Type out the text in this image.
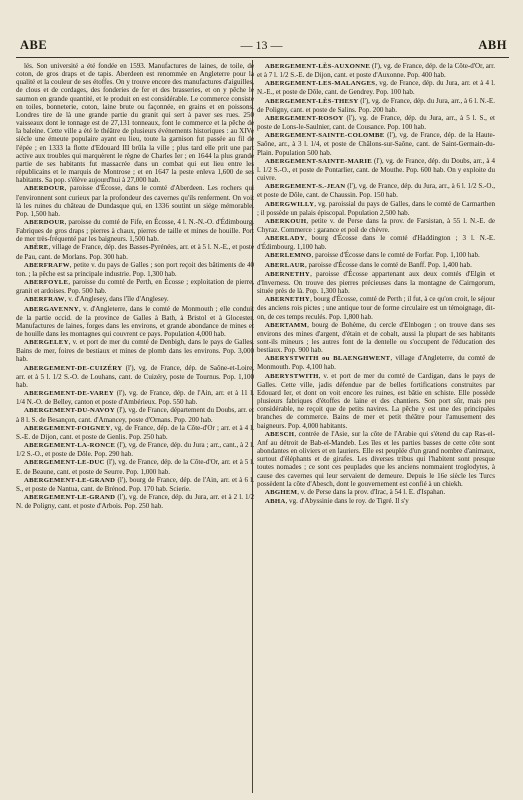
ABE	— 13 —	ABH

lés. Son université a été fondée en 1593. Manufactures de laines, de toile, de coton, de gros draps et de tapis. Aberdeen est renommée en Angleterre pour la qualité et la couleur de ses étoffes. On y trouve encore des manufactures d'aiguilles, de clous et de cordages, des fonderies de fer et des brasseries, et on y pêche le saumon en grande quantité, et le produit en est considérable. Le commerce consiste en toiles, bonneterie, coton, laine brute ou façonnée, en grains et en poissons. Londres tire de là une grande partie du granit qui sert à paver ses rues. 250 vaisseaux dont le tonnage est de 27,131 tonneaux, font le commerce et la pêche de la baleine. Cette ville a été le théâtre de plusieurs événements historiques : au XIVe siècle une émeute populaire ayant eu lieu, toute la garnison fut passée au fil de l'épée ; en 1333 la flotte d'Edouard III brûla la ville ; plus tard elle prit une part active aux troubles qui marquèrent le règne de Charles Ier ; en 1644 la plus grande partie de ses habitants fut massacrée dans un combat qui eut lieu entre les républicains et le marquis de Montrose ; et en 1647 la peste enleva 1,600 de ses habitants. Sa pop. s'élève aujourd'hui à 27,000 hab.

ABERDOUR, paroisse d'Écosse, dans le comté d'Aberdeen. Les rochers qui l'environnent sont curieux par la profondeur des cavernes qu'ils renferment. On voit là les ruines du château de Dundasque qui, en 1336 soutint un siége mémorable. Pop. 1,500 hab.

ABERDOUR, paroisse du comté de Fife, en Écosse, 4 l. N.-N.-O. d'Édimbourg. Fabriques de gros draps ; pierres à chaux, pierres de taille et mines de houille. Port de mer très-fréquenté par les baigneurs. 1,500 hab.

ABÈRE, village de France, dép. des Basses-Pyrénées, arr. et à 5 l. N.-E., et poste de Pau, cant. de Morlans. Pop. 300 hab.

ABERFRAFW, petite v. du pays de Galles ; son port reçoit des bâtiments de 40 ton. ; la pêche est sa principale industrie. Pop. 1,300 hab.

ABERFOYLE, paroisse du comté de Perth, en Écosse ; exploitation de pierre, granit et ardoises. Pop. 500 hab.

ABERFRAW, v. d'Anglesey, dans l'île d'Anglesey.

ABERGAVENNY, v. d'Angleterre, dans le comté de Monmouth ; elle conduit de la partie occid. de la province de Galles à Bath, à Bristol et à Glocester. Manufactures de laines, forges dans les environs, et grande abondance de mines et de houille dans les montagnes qui couvrent ce pays. Population 4,000 hab.

ABERGELEY, v. et port de mer du comté de Denbigh, dans le pays de Galles. Bains de mer, foires de bestiaux et mines de plomb dans les environs. Pop. 3,000 hab.

ABERGEMENT-DE-CUIZÉRY (l'), vg. de France, dép. de Saône-et-Loire, arr. et à 5 l. 1/2 S.-O. de Louhans, cant. de Cuizéry, poste de Tournus. Pop. 1,100 hab.

ABERGEMENT-DE-VAREY (l'), vg. de France, dép. de l'Ain, arr. et à 11 l. 1/4 N.-O. de Belley, canton et poste d'Ambérieux. Pop. 550 hab.

ABERGEMENT-DU-NAVOY (l'), vg. de France, département du Doubs, arr. et à 8 l. S. de Besançon, cant. d'Amancey, poste d'Ornans. Pop. 200 hab.

ABERGEMENT-FOIGNEY, vg. de France, dép. de la Côte-d'Or ; arr. et à 4 l. S.-E. de Dijon, cant. et poste de Genlis. Pop. 250 hab.

ABERGEMENT-LA-RONCE (l'), vg. de France, dép. du Jura ; arr., cant., à 2 l. 1/2 S.-O., et poste de Dôle. Pop. 290 hab.

ABERGEMENT-LE-DUC (l'), vg. de France, dép. de la Côte-d'Or, arr. et à 5 l. E. de Beaune, cant. et poste de Seurre. Pop. 1,000 hab.

ABERGEMENT-LE-GRAND (l'), bourg de France, dép. de l'Ain, arr. et à 6 l. S., et poste de Nantua, cant. de Brénod. Pop. 170 hab. Scierie.

ABERGEMENT-LE-GRAND (l'), vg. de France, dép. du Jura, arr. et à 2 l. 1/2 N. de Poligny, cant. et poste d'Arbois. Pop. 250 hab.

ABERGEMENT-LÈS-AUXONNE (l'), vg. de France, dép. de la Côte-d'Or, arr. et à 7 l. 1/2 S.-E. de Dijon, cant. et poste d'Auxonne. Pop. 400 hab.

ABERGEMENT-LES-MALANGES, vg. de France, dép. du Jura, arr. et à 4 l. N.-E., et poste de Dôle, cant. de Gendrey. Pop. 100 hab.

ABERGEMENT-LÈS-THESY (l'), vg. de France, dép. du Jura, arr., à 6 l. N.-E. de Poligny, cant. et poste de Salins. Pop. 200 hab.

ABERGEMENT-ROSOY (l'), vg. de France, dép. du Jura, arr., à 5 l. S., et poste de Lons-le-Saulnier, cant. de Cousance. Pop. 100 hab.

ABERGEMENT-SAINTE-COLOMBE (l'), vg. de France, dép. de la Haute-Saône, arr., à 3 l. 1/4, et poste de Châlons-sur-Saône, cant. de Saint-Germain-du-Plain. Population 500 hab.

ABERGEMENT-SAINTE-MARIE (l'), vg. de France, dép. du Doubs, arr., à 4 l. 1/2 S.-O., et poste de Pontarlier, cant. de Mouthe. Pop. 600 hab. On y exploite du cuivre.

ABERGEMENT-S.-JEAN (l'), vg. de France, dép. du Jura, arr., à 6 l. 1/2 S.-O., et poste de Dôle, cant. de Chaussin. Pop. 150 hab.

ABERGWILLY, vg. paroissial du pays de Galles, dans le comté de Carmarthen ; il possède un palais épiscopal. Population 2,500 hab.

ABERKOUH, petite v. de Perse dans la prov. de Farsistan, à 55 l. N.-E. de Chyraz. Commerce : garance et poil de chèvre.

ABERLADY, bourg d'Écosse dans le comté d'Haddington ; 3 l. N.-E. d'Édimbourg. 1,100 hab.

ABERLEMNO, paroisse d'Écosse dans le comté de Forfar. Pop. 1,100 hab.

ABERLAUR, paroisse d'Écosse dans le comté de Banff. Pop. 1,400 hab.

ABERNETHY, paroisse d'Écosse appartenant aux deux comtés d'Elgin et d'Inverness. On trouve des pierres précieuses dans la montagne de Cairngorum, située près de là. Pop. 1,300 hab.

ABERNETHY, bourg d'Écosse, comté de Perth ; il fut, à ce qu'on croit, le séjour des anciens rois pictes ; une antique tour de forme circulaire est un témoignage, dit-on, de ces temps reculés. Pop. 1,800 hab.

ABERTAMM, bourg de Bohème, du cercle d'Elnbogen ; on trouve dans ses environs des mines d'argent, d'étain et de cobalt, aussi la plupart de ses habitants sont-ils mineurs ; les autres font de la dentelle ou s'occupent de l'éducation des bestiaux. Pop. 900 hab.

ABERYSTWITH ou BLAENGHWENT, village d'Angleterre, du comté de Monmouth. Pop. 4,100 hab.

ABERYSTWITH, v. et port de mer du comté de Cardigan, dans le pays de Galles. Cette ville, jadis défendue par de belles fortifications construites par Edouard Ier, et dont on voit encore les ruines, est bâtie en schiste. Elle possède plusieurs fabriques d'étoffes de laine et des chantiers. Son port sûr, mais peu considérable, ne reçoit que de petits navires. La pêche y est une des principales branches de commerce. Bains de mer et petit théâtre pour l'amusement des baigneurs. Pop. 4,000 habitants.

ABESCH, contrée de l'Asie, sur la côte de l'Arabie qui s'étend du cap Ras-el-Anf au détroit de Bab-el-Mandeb. Les îles et les parties basses de cette côte sont abondantes en oliviers et en lauriers. Elle est peuplée d'un grand nombre d'animaux, surtout d'éléphants et de girafes. Les diverses tribus qui l'habitent sont presque toutes nomades ; ce sont ces peuplades que les anciens nommaient troglodytes, à cause des cavernes qui leur servaient de demeure. Depuis le 16e siècle les Turcs possèdent la côte d'Abesch, dont le gouvernement est confié à un chiekh.

ABGHEM, v. de Perse dans la prov. d'Irac, à 54 l. E. d'Ispahan.

ABHA, vg. d'Abyssinie dans le roy. de Tigré. Il s'y
